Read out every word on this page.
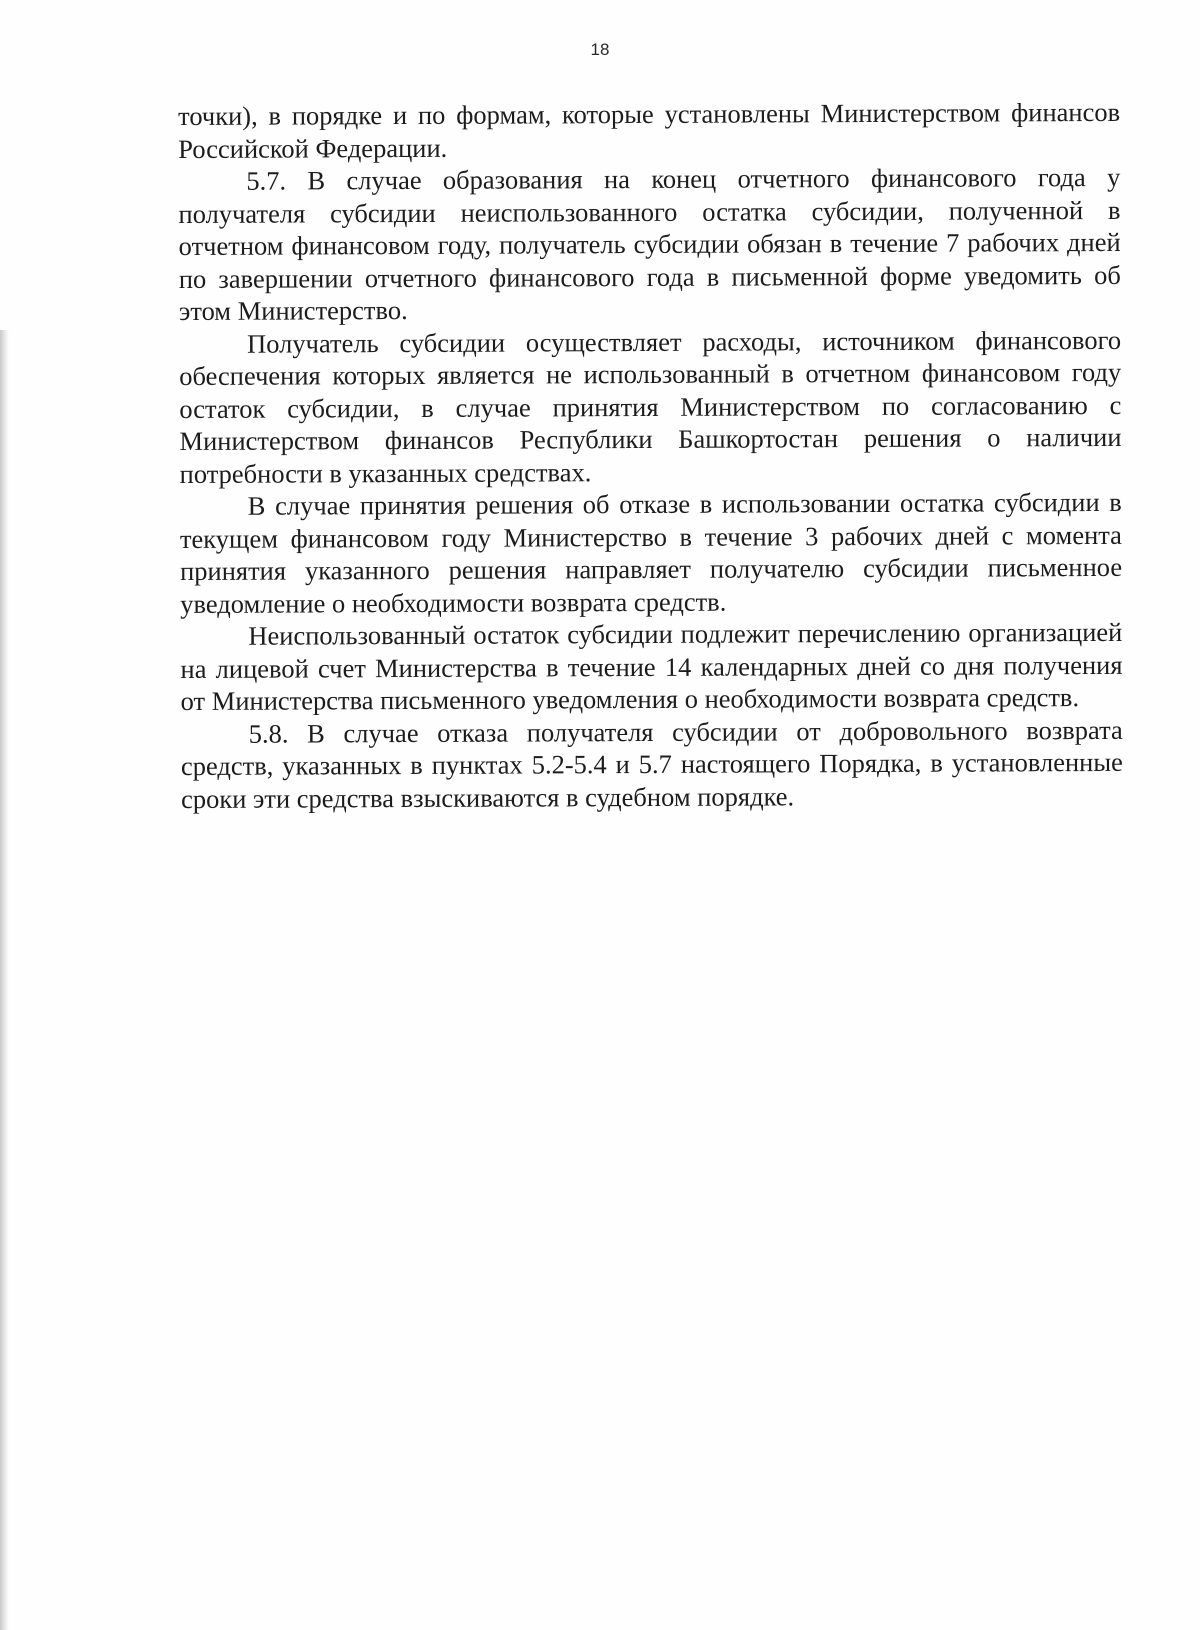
18

точки), в порядке и по формам, которые установлены Министерством финансов Российской Федерации.

5.7. В случае образования на конец отчетного финансового года у получателя субсидии неиспользованного остатка субсидии, полученной в отчетном финансовом году, получатель субсидии обязан в течение 7 рабочих дней по завершении отчетного финансового года в письменной форме уведомить об этом Министерство.

Получатель субсидии осуществляет расходы, источником финансового обеспечения которых является не использованный в отчетном финансовом году остаток субсидии, в случае принятия Министерством по согласованию с Министерством финансов Республики Башкортостан решения о наличии потребности в указанных средствах.

В случае принятия решения об отказе в использовании остатка субсидии в текущем финансовом году Министерство в течение 3 рабочих дней с момента принятия указанного решения направляет получателю субсидии письменное уведомление о необходимости возврата средств.

Неиспользованный остаток субсидии подлежит перечислению организацией на лицевой счет Министерства в течение 14 календарных дней со дня получения от Министерства письменного уведомления о необходимости возврата средств.

5.8. В случае отказа получателя субсидии от добровольного возврата средств, указанных в пунктах 5.2-5.4 и 5.7 настоящего Порядка, в установленные сроки эти средства взыскиваются в судебном порядке.
